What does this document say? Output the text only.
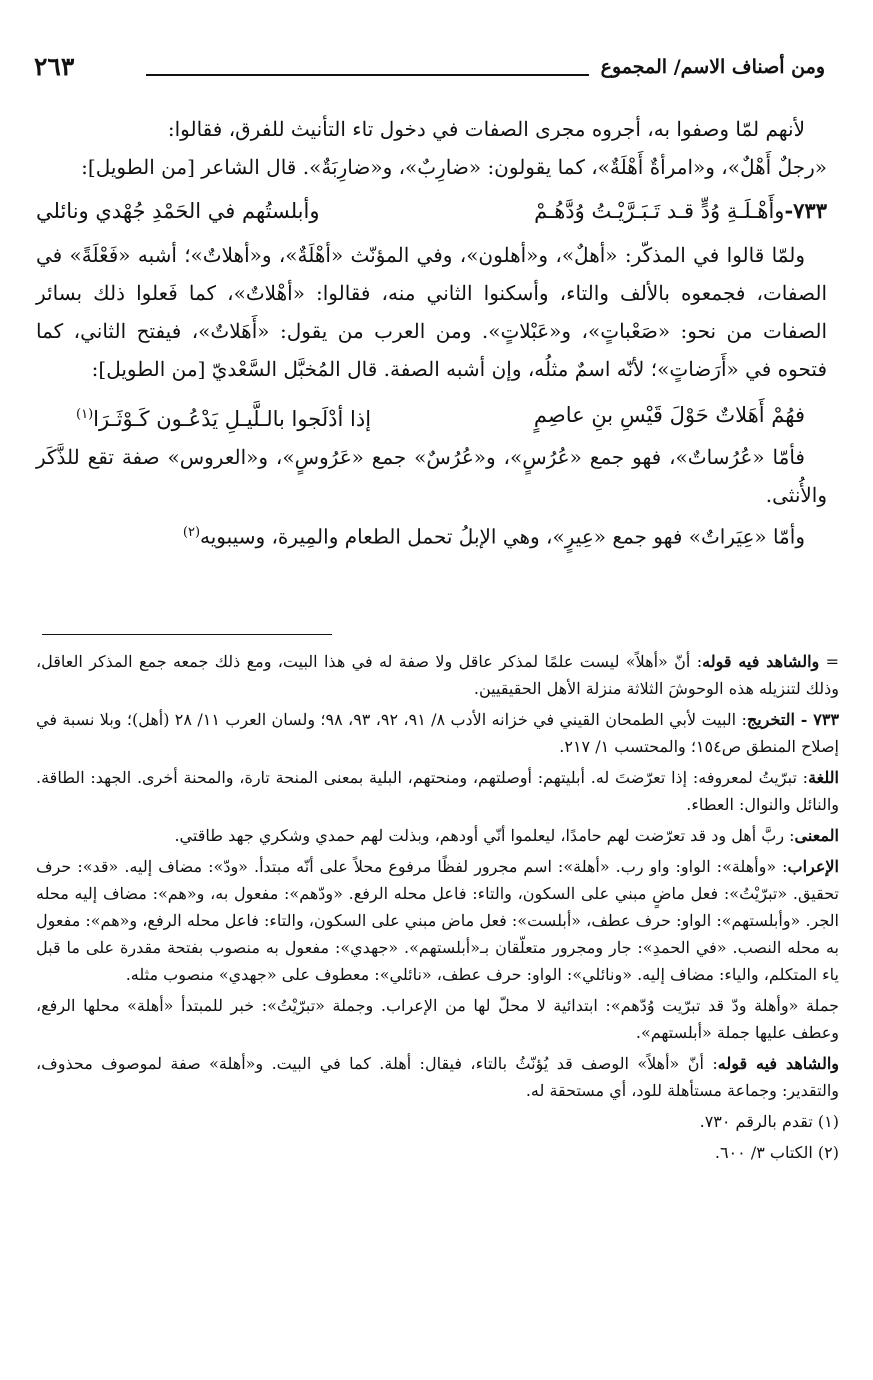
ومن أصناف الاسم/ المجموع
٢٦٣

لأنهم لمّا وصفوا به، أجروه مجرى الصفات في دخول تاء التأنيث للفرق، فقالوا:

«رجلٌ أَهْلٌ»، و«امرأةٌ أَهْلَةٌ»، كما يقولون: «ضارِبٌ»، و«ضارِبَةٌ». قال الشاعر [من الطويل]:

٧٣٣-وأَهْـلَـةِ وُدٍّ قـد تَـبَـرَّيْـتُ وُدَّهُـمْ
وأبلستُهم في الحَمْدِ جُهْدي ونائلي

ولمّا قالوا في المذكّر: «أهلٌ»، و«أهلون»، وفي المؤنّث «أهْلَةٌ»، و«أهلاتٌ»؛ أشبه «فَعْلَةً» في الصفات، فجمعوه بالألف والتاء، وأسكنوا الثاني منه، فقالوا: «أهْلاتٌ»، كما فَعلوا ذلك بسائر الصفات من نحو: «صَعْباتٍ»، و«عَبْلاتٍ». ومن العرب من يقول: «أَهَلاتٌ»، فيفتح الثاني، كما فتحوه في «أَرَضاتٍ»؛ لأنّه اسمٌ مثلُه، وإن أشبه الصفة. قال المُخبَّل السَّعْديّ [من الطويل]:

فهُمْ أَهَلاتٌ حَوْلَ قَيْسِ بنِ عاصِمٍ
إذا أدْلَجوا بالـلَّيـلِ يَدْعُـون كَـوْثَـرَا$^{(١)}$

فأمّا «عُرُساتٌ»، فهو جمع «عُرُسٍ»، و«عُرُسٌ» جمع «عَرُوسٍ»، و«العروس» صفة تقع للذَّكَر والأُنثى.

وأمّا «عِيَراتٌ» فهو جمع «عِيرٍ»، وهي الإبلُ تحمل الطعام والمِيرة، وسيبويه$^{(٢)}$

= والشاهد فيه قوله: أنّ «أهلاً» ليست علمًا لمذكر عاقل ولا صفة له في هذا البيت، ومع ذلك جمعه جمع المذكر العاقل، وذلك لتنزيله هذه الوحوشَ الثلاثة منزلة الأهل الحقيقيين.

٧٣٣ - التخريج: البيت لأبي الطمحان القيني في خزانه الأدب ٨/ ٩١، ٩٢، ٩٣، ٩٨؛ ولسان العرب ١١/ ٢٨ (أهل)؛ وبلا نسبة في إصلاح المنطق ص١٥٤؛ والمحتسب ١/ ٢١٧.

اللغة: تبرّيتُ لمعروفه: إذا تعرّضتَ له. أبليتهم: أوصلتهم، ومنحتهم، البلية بمعنى المنحة تارة، والمحنة أخرى. الجهد: الطاقة. والنائل والنوال: العطاء.

المعنى: ربَّ أهل ود قد تعرّضت لهم حامدًا، ليعلموا أنّي أودهم، وبذلت لهم حمدي وشكري جهد طاقتي.

الإعراب: «وأهلة»: الواو: واو رب. «أهلة»: اسم مجرور لفظًا مرفوع محلاً على أنّه مبتدأ. «ودّ»: مضاف إليه. «قد»: حرف تحقيق. «تبرّيْتُ»: فعل ماضٍ مبني على السكون، والتاء: فاعل محله الرفع. «ودّهم»: مفعول به، و«هم»: مضاف إليه محله الجر. «وأبلستهم»: الواو: حرف عطف، «أبلست»: فعل ماض مبني على السكون، والتاء: فاعل محله الرفع، و«هم»: مفعول به محله النصب. «في الحمدِ»: جار ومجرور متعلّقان بـ«أبلستهم». «جهدي»: مفعول به منصوب بفتحة مقدرة على ما قبل ياء المتكلم، والياء: مضاف إليه. «ونائلي»: الواو: حرف عطف، «نائلي»: معطوف على «جهدي» منصوب مثله.

جملة «وأهلة ودّ قد تبرّيت وُدّهم»: ابتدائية لا محلّ لها من الإعراب. وجملة «تبرّيْتُ»: خبر للمبتدأ «أهلة» محلها الرفع، وعطف عليها جملة «أبلستهم».

والشاهد فيه قوله: أنّ «أهلاً» الوصف قد يُؤنّثُ بالتاء، فيقال: أهلة. كما في البيت. و«أهلة» صفة لموصوف محذوف، والتقدير: وجماعة مستأهلة للود، أي مستحقة له.

(١) تقدم بالرقم ٧٣٠.

(٢) الكتاب ٣/ ٦٠٠.
